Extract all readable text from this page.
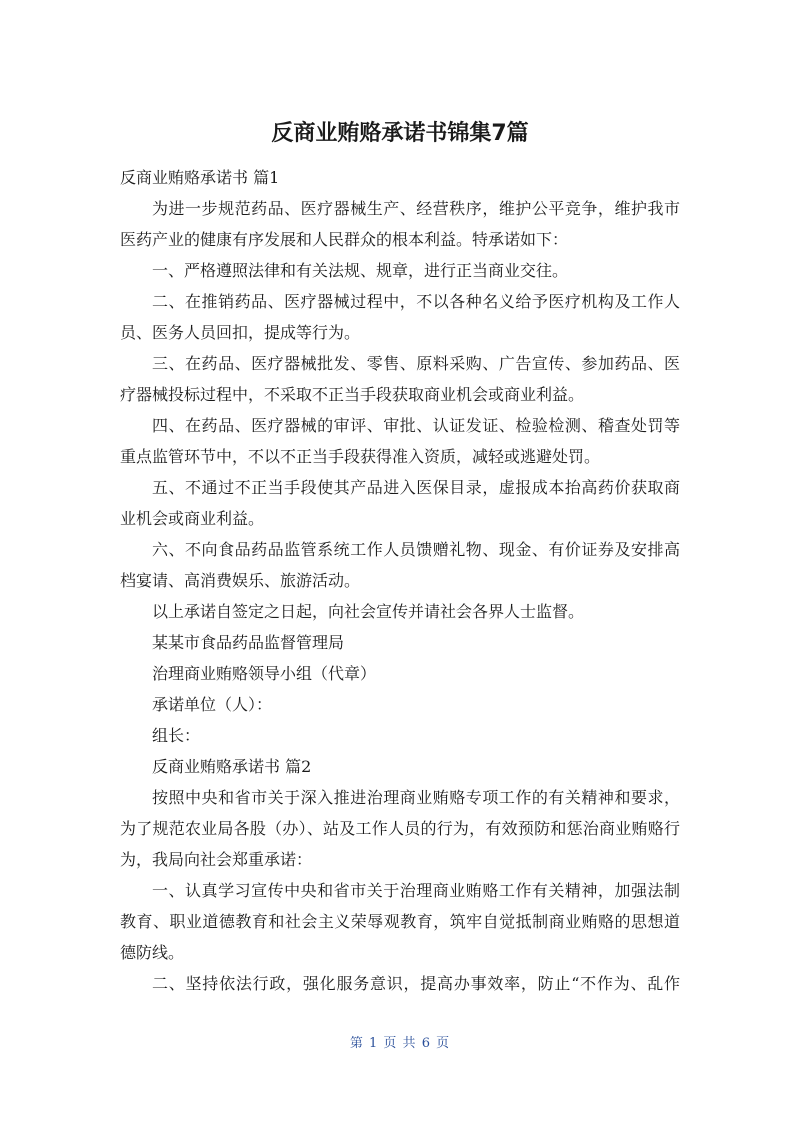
反商业贿赂承诺书锦集7篇
反商业贿赂承诺书 篇1
为进一步规范药品、医疗器械生产、经营秩序，维护公平竞争，维护我市
医药产业的健康有序发展和人民群众的根本利益。特承诺如下：
一、严格遵照法律和有关法规、规章，进行正当商业交往。
二、在推销药品、医疗器械过程中，不以各种名义给予医疗机构及工作人
员、医务人员回扣，提成等行为。
三、在药品、医疗器械批发、零售、原料采购、广告宣传、参加药品、医
疗器械投标过程中，不采取不正当手段获取商业机会或商业利益。
四、在药品、医疗器械的审评、审批、认证发证、检验检测、稽查处罚等
重点监管环节中，不以不正当手段获得准入资质，减轻或逃避处罚。
五、不通过不正当手段使其产品进入医保目录，虚报成本抬高药价获取商
业机会或商业利益。
六、不向食品药品监管系统工作人员馈赠礼物、现金、有价证券及安排高
档宴请、高消费娱乐、旅游活动。
以上承诺自签定之日起，向社会宣传并请社会各界人士监督。
某某市食品药品监督管理局
治理商业贿赂领导小组（代章）
承诺单位（人）：
组长：
反商业贿赂承诺书 篇2
按照中央和省市关于深入推进治理商业贿赂专项工作的有关精神和要求，
为了规范农业局各股（办）、站及工作人员的行为，有效预防和惩治商业贿赂行
为，我局向社会郑重承诺：
一、认真学习宣传中央和省市关于治理商业贿赂工作有关精神，加强法制
教育、职业道德教育和社会主义荣辱观教育，筑牢自觉抵制商业贿赂的思想道
德防线。
二、坚持依法行政，强化服务意识，提高办事效率，防止“不作为、乱作
第 1 页 共 6 页
